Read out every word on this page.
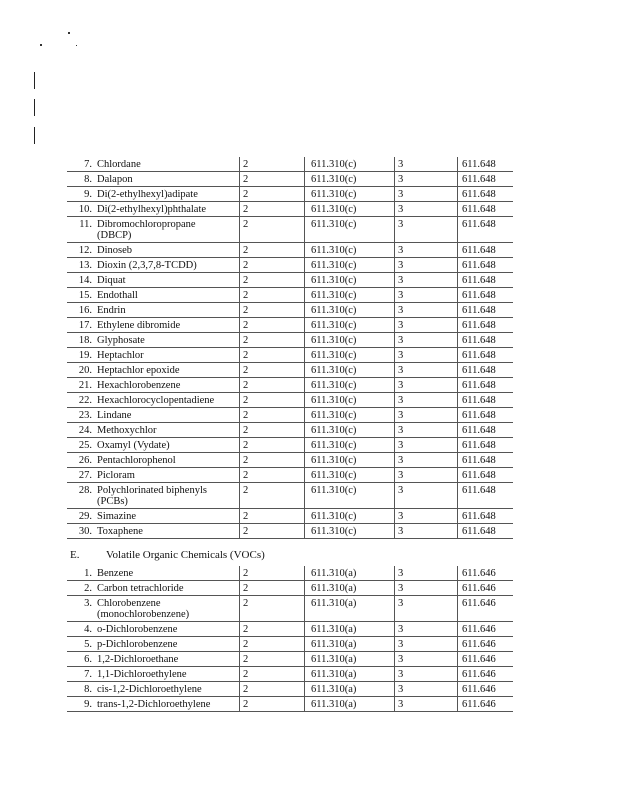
7. Chlordane	2	611.310(c)	3	611.648
8. Dalapon	2	611.310(c)	3	611.648
9. Di(2-ethylhexyl)adipate	2	611.310(c)	3	611.648
10. Di(2-ethylhexyl)phthalate	2	611.310(c)	3	611.648
11. Dibromochloropropane
(DBCP)	2	611.310(c)	3	611.648
12. Dinoseb	2	611.310(c)	3	611.648
13. Dioxin (2,3,7,8-TCDD)	2	611.310(c)	3	611.648
14. Diquat	2	611.310(c)	3	611.648
15. Endothall	2	611.310(c)	3	611.648
16. Endrin	2	611.310(c)	3	611.648
17. Ethylene dibromide	2	611.310(c)	3	611.648
18. Glyphosate	2	611.310(c)	3	611.648
19. Heptachlor	2	611.310(c)	3	611.648
20. Heptachlor epoxide	2	611.310(c)	3	611.648
21. Hexachlorobenzene	2	611.310(c)	3	611.648
22. Hexachlorocyclopentadiene	2	611.310(c)	3	611.648
23. Lindane	2	611.310(c)	3	611.648
24. Methoxychlor	2	611.310(c)	3	611.648
25. Oxamyl (Vydate)	2	611.310(c)	3	611.648
26. Pentachlorophenol	2	611.310(c)	3	611.648
27. Picloram	2	611.310(c)	3	611.648
28. Polychlorinated biphenyls
(PCBs)	2	611.310(c)	3	611.648
29. Simazine	2	611.310(c)	3	611.648
30. Toxaphene	2	611.310(c)	3	611.648
E. Volatile Organic Chemicals (VOCs)
1. Benzene	2	611.310(a)	3	611.646
2. Carbon tetrachloride	2	611.310(a)	3	611.646
3. Chlorobenzene
(monochlorobenzene)	2	611.310(a)	3	611.646
4. o-Dichlorobenzene	2	611.310(a)	3	611.646
5. p-Dichlorobenzene	2	611.310(a)	3	611.646
6. 1,2-Dichloroethane	2	611.310(a)	3	611.646
7. 1,1-Dichloroethylene	2	611.310(a)	3	611.646
8. cis-1,2-Dichloroethylene	2	611.310(a)	3	611.646
9. trans-1,2-Dichloroethylene	2	611.310(a)	3	611.646
